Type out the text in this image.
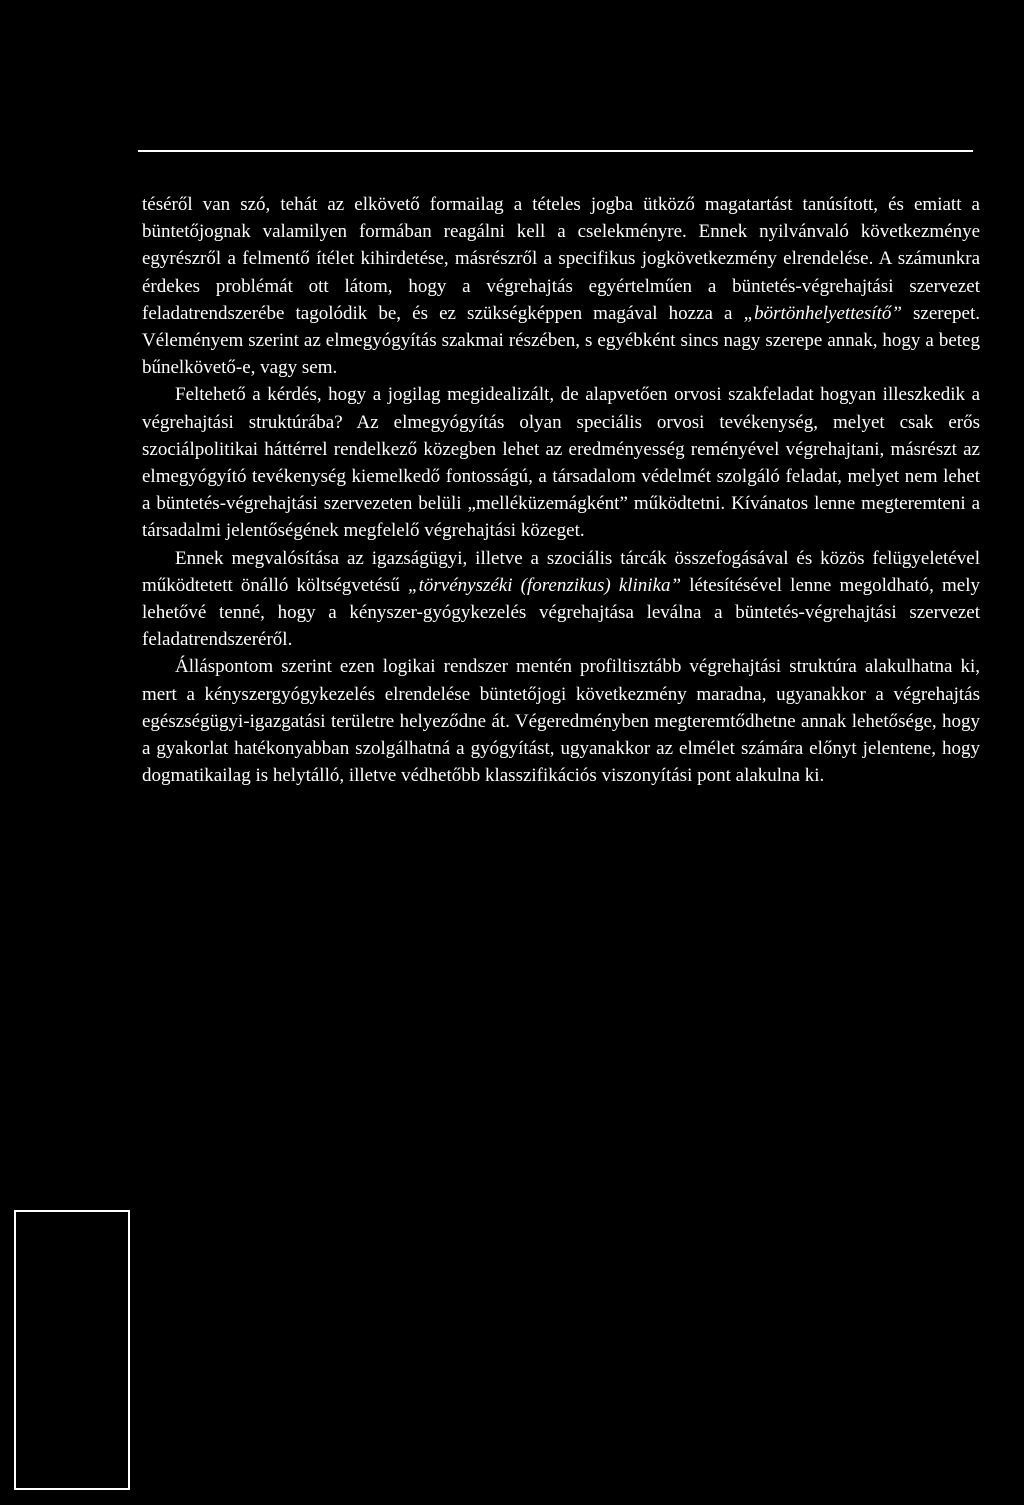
téséről van szó, tehát az elkövető formailag a tételes jogba ütköző magatartást tanúsított, és emiatt a büntetőjognak valamilyen formában reagálni kell a cselekményre. Ennek nyilvánvaló következménye egyrészről a felmentő ítélet kihirdetése, másrészről a specifikus jogkövetkezmény elrendelése. A számunkra érdekes problémát ott látom, hogy a végrehajtás egyértelműen a büntetés-végrehajtási szervezet feladatrendszerébe tagolódik be, és ez szükségképpen magával hozza a „börtönhelyettesítő” szerepet. Véleményem szerint az elmegyógyítás szakmai részében, s egyébként sincs nagy szerepe annak, hogy a beteg bűnelkövető-e, vagy sem.

Feltehető a kérdés, hogy a jogilag megidealizált, de alapvetően orvosi szakfeladat hogyan illeszkedik a végrehajtási struktúrába? Az elmegyógyítás olyan speciális orvosi tevékenység, melyet csak erős szociálpolitikai háttérrel rendelkező közegben lehet az eredményesség reményével végrehajtani, másrészt az elmegyógyító tevékenység kiemelkedő fontosságú, a társadalom védelmét szolgáló feladat, melyet nem lehet a büntetés-végrehajtási szervezeten belüli „melléküzemágként” működtetni. Kívánatos lenne megteremteni a társadalmi jelentőségének megfelelő végrehajtási közeget.

Ennek megvalósítása az igazságügyi, illetve a szociális tárcák összefogásával és közös felügyeletével működtetett önálló költségvetésű „törvényszéki (forenzikus) klinika” létesítésével lenne megoldható, mely lehetővé tenné, hogy a kényszer-gyógykezelés végrehajtása leválna a büntetés-végrehajtási szervezet feladatrendszeréről.

Álláspontom szerint ezen logikai rendszer mentén profiltisztább végrehajtási struktúra alakulhatna ki, mert a kényszergyógykezelés elrendelése büntetőjogi következmény maradna, ugyanakkor a végrehajtás egészségügyi-igazgatási területre helyeződne át. Végeredményben megteremtődhetne annak lehetősége, hogy a gyakorlat hatékonyabban szolgálhatná a gyógyítást, ugyanakkor az elmélet számára előnyt jelentene, hogy dogmatikailag is helytálló, illetve védhetőbb klasszifikációs viszonyítási pont alakulna ki.
